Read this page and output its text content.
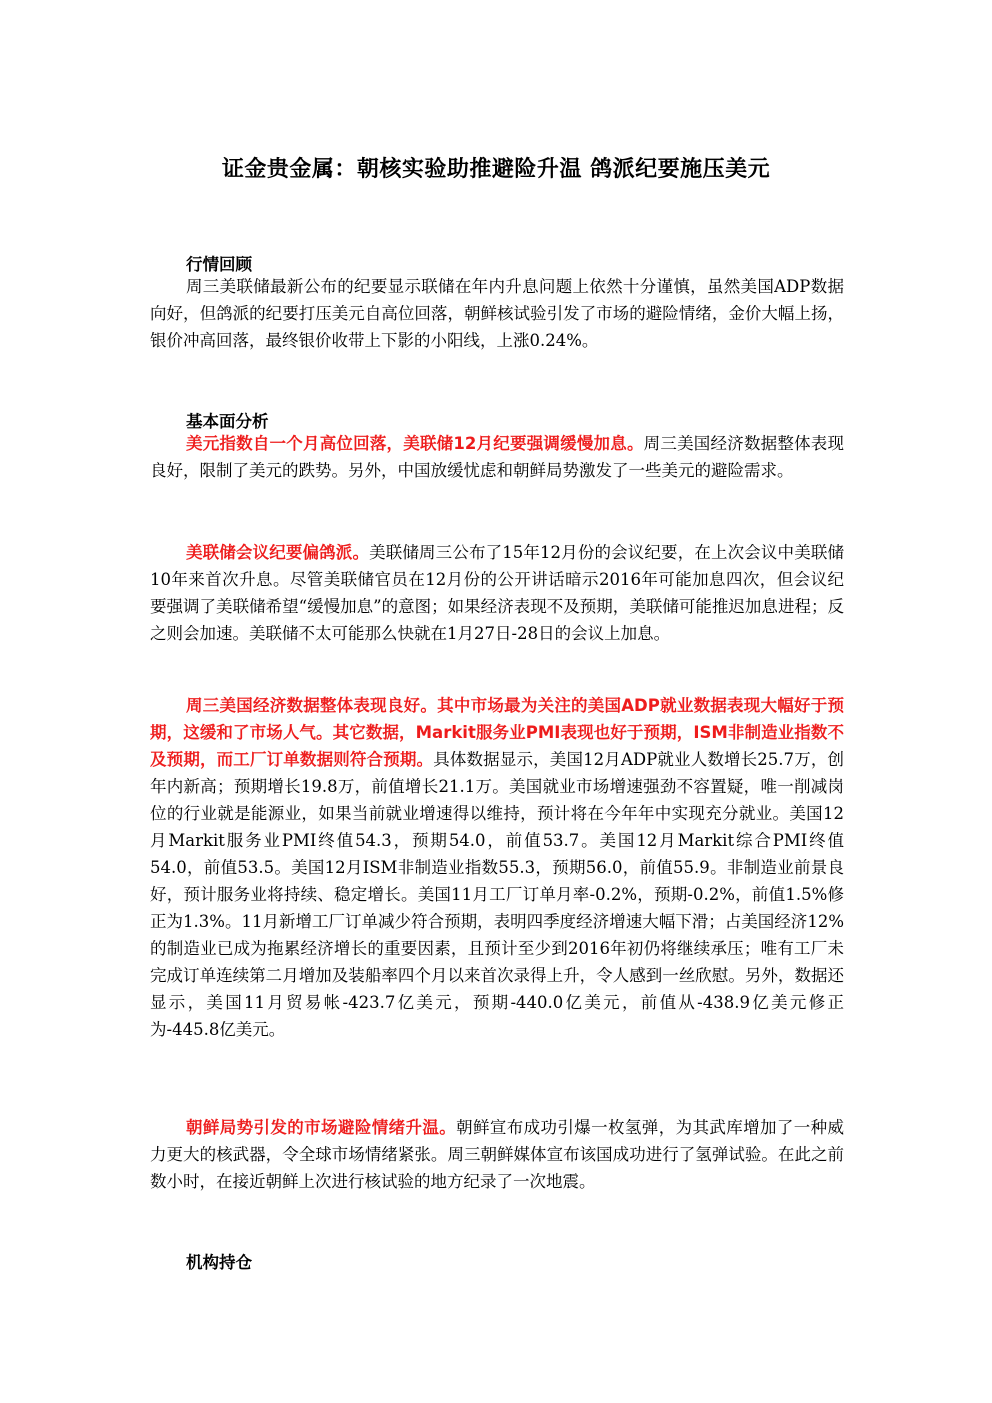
证金贵金属：朝核实验助推避险升温 鸽派纪要施压美元
行情回顾

周三美联储最新公布的纪要显示联储在年内升息问题上依然十分谨慎，虽然美国ADP数据向好，但鸽派的纪要打压美元自高位回落，朝鲜核试验引发了市场的避险情绪，金价大幅上扬，银价冲高回落，最终银价收带上下影的小阳线，上涨0.24%。

基本面分析

美元指数自一个月高位回落，美联储12月纪要强调缓慢加息。周三美国经济数据整体表现良好，限制了美元的跌势。另外，中国放缓忧虑和朝鲜局势激发了一些美元的避险需求。

美联储会议纪要偏鸽派。美联储周三公布了15年12月份的会议纪要，在上次会议中美联储10年来首次升息。尽管美联储官员在12月份的公开讲话暗示2016年可能加息四次，但会议纪要强调了美联储希望“缓慢加息”的意图；如果经济表现不及预期，美联储可能推迟加息进程；反之则会加速。美联储不太可能那么快就在1月27日-28日的会议上加息。

周三美国经济数据整体表现良好。其中市场最为关注的美国ADP就业数据表现大幅好于预期，这缓和了市场人气。其它数据，Markit服务业PMI表现也好于预期，ISM非制造业指数不及预期，而工厂订单数据则符合预期。具体数据显示，美国12月ADP就业人数增长25.7万，创年内新高；预期增长19.8万，前值增长21.1万。美国就业市场增速强劲不容置疑，唯一削减岗位的行业就是能源业，如果当前就业增速得以维持，预计将在今年年中实现充分就业。美国12月Markit服务业PMI终值54.3，预期54.0，前值53.7。美国12月Markit综合PMI终值54.0，前值53.5。美国12月ISM非制造业指数55.3，预期56.0，前值55.9。非制造业前景良好，预计服务业将持续、稳定增长。美国11月工厂订单月率-0.2%，预期-0.2%，前值1.5%修正为1.3%。11月新增工厂订单减少符合预期，表明四季度经济增速大幅下滑；占美国经济12%的制造业已成为拖累经济增长的重要因素，且预计至少到2016年初仍将继续承压；唯有工厂未完成订单连续第二月增加及装船率四个月以来首次录得上升，令人感到一丝欣慰。另外，数据还显示，美国11月贸易帐-423.7亿美元，预期-440.0亿美元，前值从-438.9亿美元修正为-445.8亿美元。

朝鲜局势引发的市场避险情绪升温。朝鲜宣布成功引爆一枚氢弹，为其武库增加了一种威力更大的核武器，令全球市场情绪紧张。周三朝鲜媒体宣布该国成功进行了氢弹试验。在此之前数小时，在接近朝鲜上次进行核试验的地方纪录了一次地震。

机构持仓
